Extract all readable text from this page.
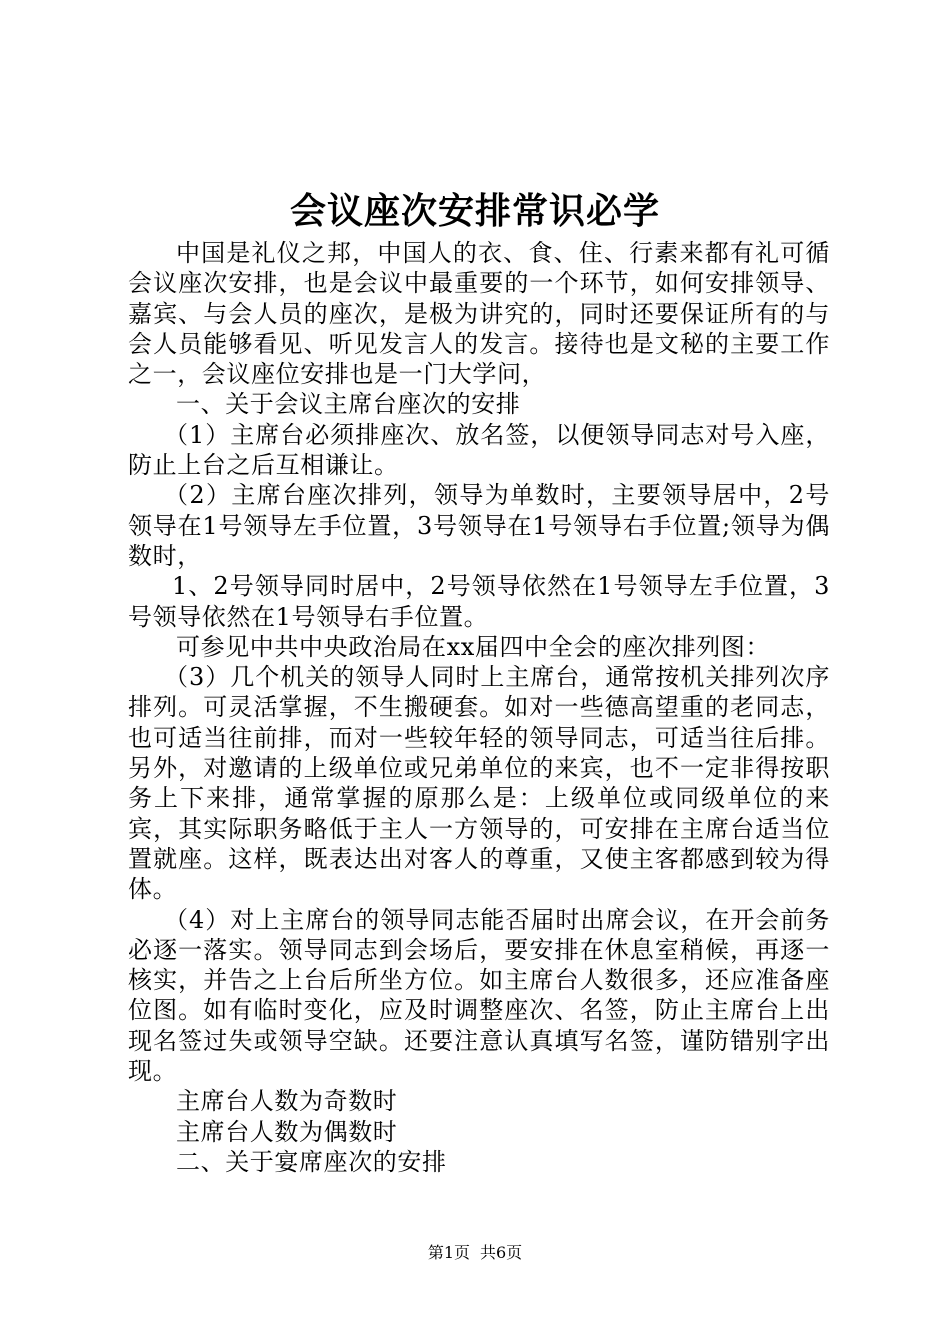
会议座次安排常识必学

中国是礼仪之邦，中国人的衣、食、住、行素来都有礼可循会议座次安排，也是会议中最重要的一个环节，如何安排领导、嘉宾、与会人员的座次，是极为讲究的，同时还要保证所有的与会人员能够看见、听见发言人的发言。接待也是文秘的主要工作之一，会议座位安排也是一门大学问，

一、关于会议主席台座次的安排

（1）主席台必须排座次、放名签，以便领导同志对号入座，防止上台之后互相谦让。

（2）主席台座次排列，领导为单数时，主要领导居中，2号领导在1号领导左手位置，3号领导在1号领导右手位置;领导为偶数时，

1、2号领导同时居中，2号领导依然在1号领导左手位置，3号领导依然在1号领导右手位置。

可参见中共中央政治局在xx届四中全会的座次排列图：

（3）几个机关的领导人同时上主席台，通常按机关排列次序排列。可灵活掌握，不生搬硬套。如对一些德高望重的老同志，也可适当往前排，而对一些较年轻的领导同志，可适当往后排。另外，对邀请的上级单位或兄弟单位的来宾，也不一定非得按职务上下来排，通常掌握的原那么是：上级单位或同级单位的来宾，其实际职务略低于主人一方领导的，可安排在主席台适当位置就座。这样，既表达出对客人的尊重，又使主客都感到较为得体。

（4）对上主席台的领导同志能否届时出席会议，在开会前务必逐一落实。领导同志到会场后，要安排在休息室稍候，再逐一核实，并告之上台后所坐方位。如主席台人数很多，还应准备座位图。如有临时变化，应及时调整座次、名签，防止主席台上出现名签过失或领导空缺。还要注意认真填写名签，谨防错别字出现。

主席台人数为奇数时

主席台人数为偶数时

二、关于宴席座次的安排

第1页 共6页
